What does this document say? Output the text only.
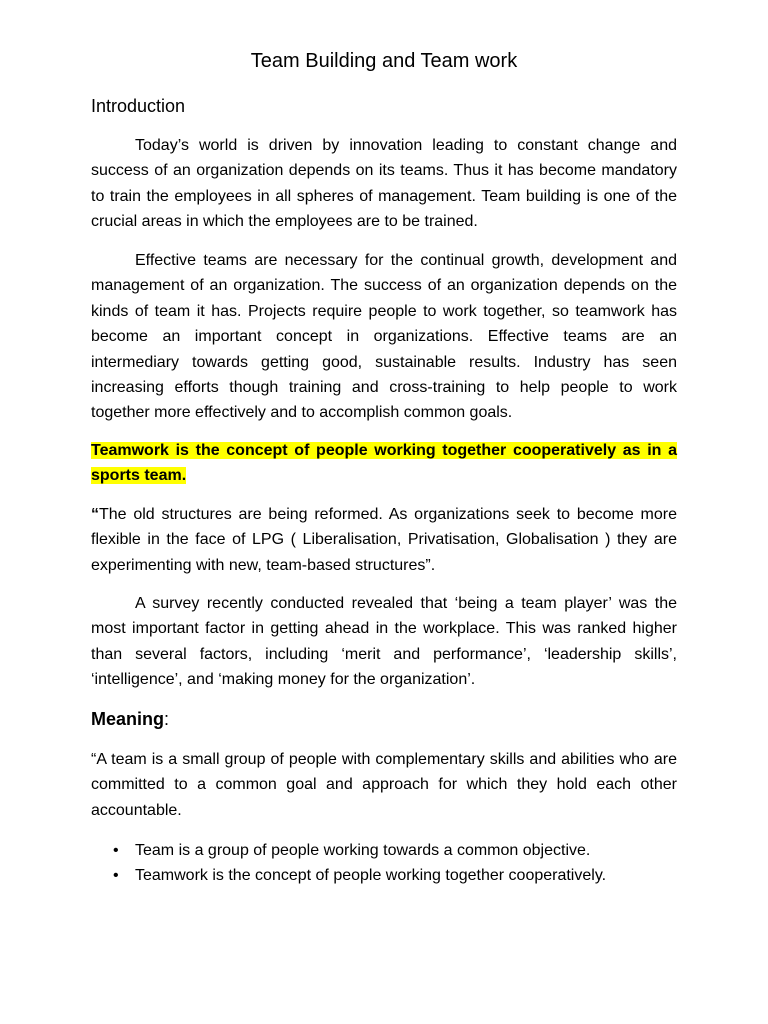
Team Building and Team work
Introduction

Today’s world is driven by innovation leading to constant change and success of an organization depends on its teams. Thus it has become mandatory to train the employees in all spheres of management. Team building is one of the crucial areas in which the employees are to be trained.

Effective teams are necessary for the continual growth, development and management of an organization. The success of an organization depends on the kinds of team it has. Projects require people to work together, so teamwork has become an important concept in organizations. Effective teams are an intermediary towards getting good, sustainable results. Industry has seen increasing efforts though training and cross-training to help people to work together more effectively and to accomplish common goals.

Teamwork is the concept of people working together cooperatively as in a sports team.

“The old structures are being reformed. As organizations seek to become more flexible in the face of LPG ( Liberalisation, Privatisation, Globalisation ) they are experimenting with new, team-based structures”.

A survey recently conducted revealed that ‘being a team player’ was the most important factor in getting ahead in the workplace. This was ranked higher than several factors, including ‘merit and performance’, ‘leadership skills’, ‘intelligence’, and ‘making money for the organization’.

Meaning:

“A team is a small group of people with complementary skills and abilities who are committed to a common goal and approach for which they hold each other accountable.

• Team is a group of people working towards a common objective.
• Teamwork is the concept of people working together cooperatively.
